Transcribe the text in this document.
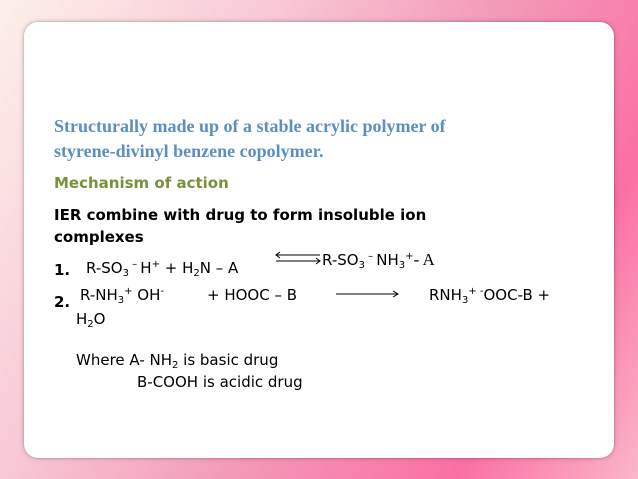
Structurally made up of a stable acrylic polymer of
styrene-divinyl benzene copolymer.
Mechanism of action
IER combine with drug to form insoluble ion
complexes
1. $R-SO_3$ – $H^+ + H_2N - A$	$R-SO_3$ – $NH_3^+-$ A
2. $R-NH_3^+$ OH-	+ HOOC – B	$RNH_3^+$ -OOC-B +
$H_2O$
Where A- $NH_2$ is basic drug
B-COOH is acidic drug
